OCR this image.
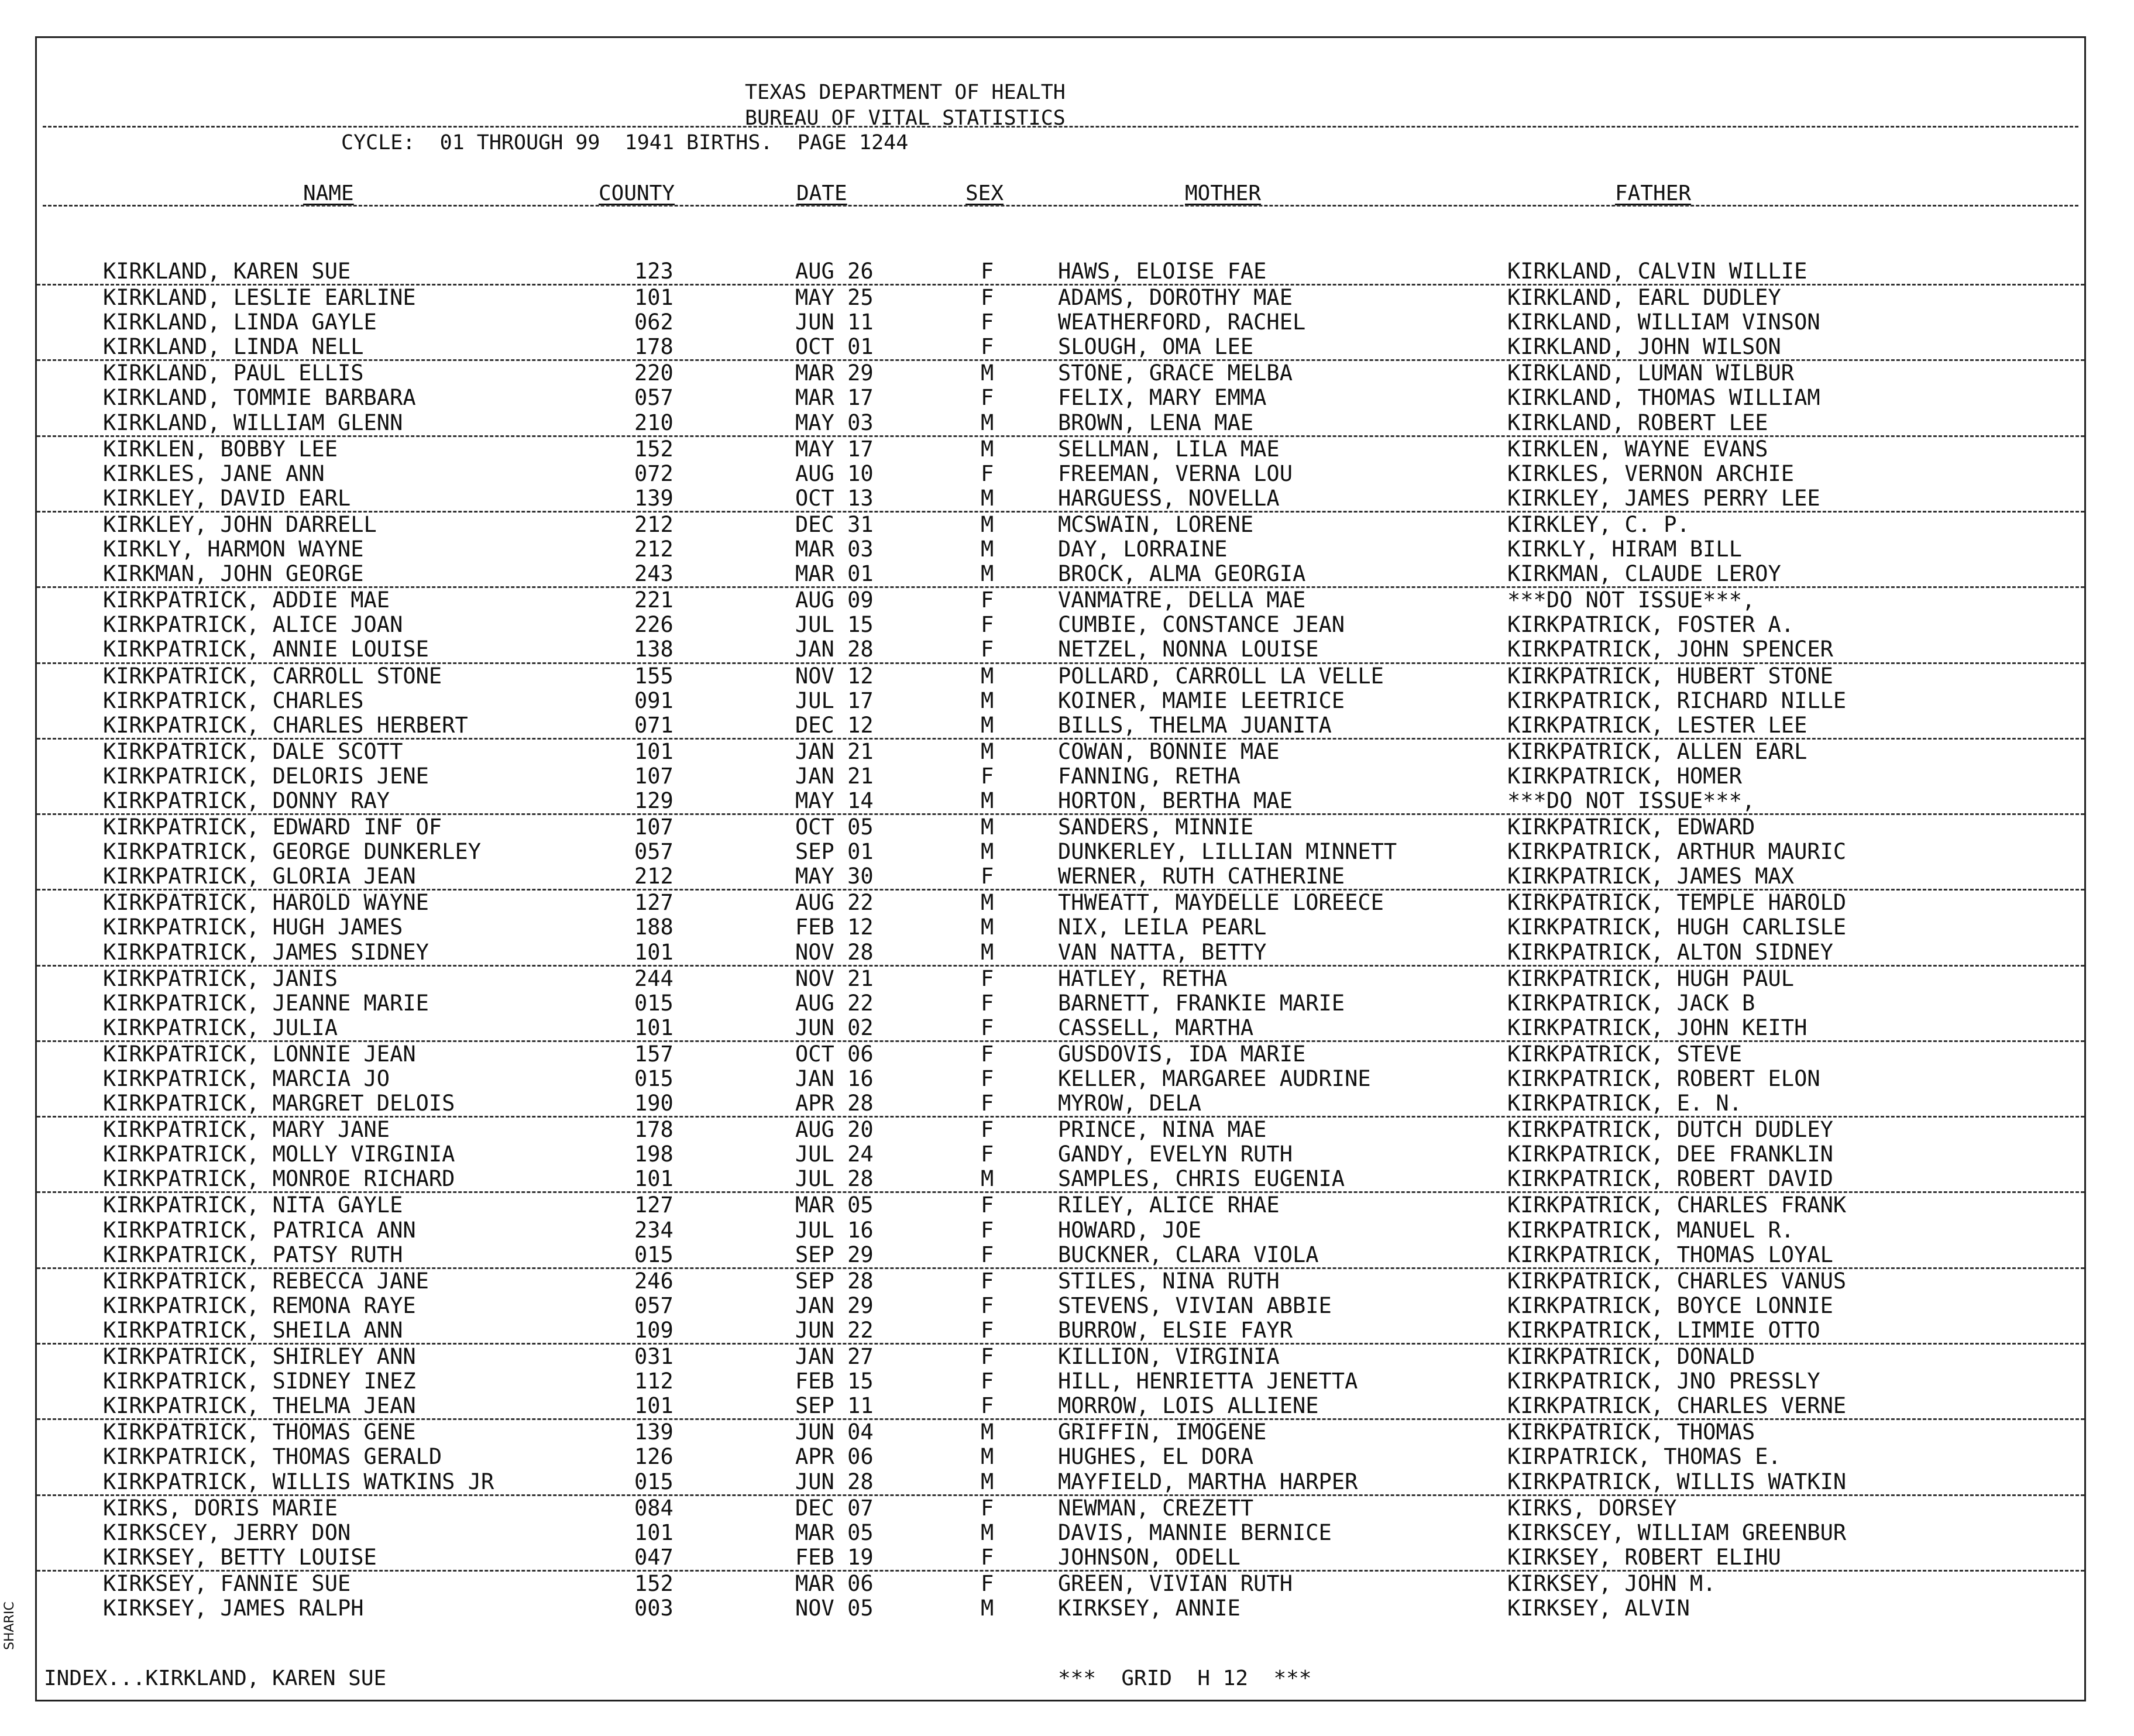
TEXAS DEPARTMENT OF HEALTH
BUREAU OF VITAL STATISTICS
CYCLE:  01 THROUGH 99  1941 BIRTHS.  PAGE 1244
NAME	COUNTY	DATE	SEX	MOTHER	FATHER
KIRKLAND, KAREN SUE	123	AUG 26	F	HAWS, ELOISE FAE	KIRKLAND, CALVIN WILLIE
KIRKLAND, LESLIE EARLINE	101	MAY 25	F	ADAMS, DOROTHY MAE	KIRKLAND, EARL DUDLEY
KIRKLAND, LINDA GAYLE	062	JUN 11	F	WEATHERFORD, RACHEL	KIRKLAND, WILLIAM VINSON
KIRKLAND, LINDA NELL	178	OCT 01	F	SLOUGH, OMA LEE	KIRKLAND, JOHN WILSON
KIRKLAND, PAUL ELLIS	220	MAR 29	M	STONE, GRACE MELBA	KIRKLAND, LUMAN WILBUR
KIRKLAND, TOMMIE BARBARA	057	MAR 17	F	FELIX, MARY EMMA	KIRKLAND, THOMAS WILLIAM
KIRKLAND, WILLIAM GLENN	210	MAY 03	M	BROWN, LENA MAE	KIRKLAND, ROBERT LEE
KIRKLEN, BOBBY LEE	152	MAY 17	M	SELLMAN, LILA MAE	KIRKLEN, WAYNE EVANS
KIRKLES, JANE ANN	072	AUG 10	F	FREEMAN, VERNA LOU	KIRKLES, VERNON ARCHIE
KIRKLEY, DAVID EARL	139	OCT 13	M	HARGUESS, NOVELLA	KIRKLEY, JAMES PERRY LEE
KIRKLEY, JOHN DARRELL	212	DEC 31	M	MCSWAIN, LORENE	KIRKLEY, C. P.
KIRKLY, HARMON WAYNE	212	MAR 03	M	DAY, LORRAINE	KIRKLY, HIRAM BILL
KIRKMAN, JOHN GEORGE	243	MAR 01	M	BROCK, ALMA GEORGIA	KIRKMAN, CLAUDE LEROY
KIRKPATRICK, ADDIE MAE	221	AUG 09	F	VANMATRE, DELLA MAE	***DO NOT ISSUE***,
KIRKPATRICK, ALICE JOAN	226	JUL 15	F	CUMBIE, CONSTANCE JEAN	KIRKPATRICK, FOSTER A.
KIRKPATRICK, ANNIE LOUISE	138	JAN 28	F	NETZEL, NONNA LOUISE	KIRKPATRICK, JOHN SPENCER
KIRKPATRICK, CARROLL STONE	155	NOV 12	M	POLLARD, CARROLL LA VELLE	KIRKPATRICK, HUBERT STONE
KIRKPATRICK, CHARLES	091	JUL 17	M	KOINER, MAMIE LEETRICE	KIRKPATRICK, RICHARD NILLE
KIRKPATRICK, CHARLES HERBERT	071	DEC 12	M	BILLS, THELMA JUANITA	KIRKPATRICK, LESTER LEE
KIRKPATRICK, DALE SCOTT	101	JAN 21	M	COWAN, BONNIE MAE	KIRKPATRICK, ALLEN EARL
KIRKPATRICK, DELORIS JENE	107	JAN 21	F	FANNING, RETHA	KIRKPATRICK, HOMER
KIRKPATRICK, DONNY RAY	129	MAY 14	M	HORTON, BERTHA MAE	***DO NOT ISSUE***,
KIRKPATRICK, EDWARD INF OF	107	OCT 05	M	SANDERS, MINNIE	KIRKPATRICK, EDWARD
KIRKPATRICK, GEORGE DUNKERLEY	057	SEP 01	M	DUNKERLEY, LILLIAN MINNETT	KIRKPATRICK, ARTHUR MAURIC
KIRKPATRICK, GLORIA JEAN	212	MAY 30	F	WERNER, RUTH CATHERINE	KIRKPATRICK, JAMES MAX
KIRKPATRICK, HAROLD WAYNE	127	AUG 22	M	THWEATT, MAYDELLE LOREECE	KIRKPATRICK, TEMPLE HAROLD
KIRKPATRICK, HUGH JAMES	188	FEB 12	M	NIX, LEILA PEARL	KIRKPATRICK, HUGH CARLISLE
KIRKPATRICK, JAMES SIDNEY	101	NOV 28	M	VAN NATTA, BETTY	KIRKPATRICK, ALTON SIDNEY
KIRKPATRICK, JANIS	244	NOV 21	F	HATLEY, RETHA	KIRKPATRICK, HUGH PAUL
KIRKPATRICK, JEANNE MARIE	015	AUG 22	F	BARNETT, FRANKIE MARIE	KIRKPATRICK, JACK B
KIRKPATRICK, JULIA	101	JUN 02	F	CASSELL, MARTHA	KIRKPATRICK, JOHN KEITH
KIRKPATRICK, LONNIE JEAN	157	OCT 06	F	GUSDOVIS, IDA MARIE	KIRKPATRICK, STEVE
KIRKPATRICK, MARCIA JO	015	JAN 16	F	KELLER, MARGAREE AUDRINE	KIRKPATRICK, ROBERT ELON
KIRKPATRICK, MARGRET DELOIS	190	APR 28	F	MYROW, DELA	KIRKPATRICK, E. N.
KIRKPATRICK, MARY JANE	178	AUG 20	F	PRINCE, NINA MAE	KIRKPATRICK, DUTCH DUDLEY
KIRKPATRICK, MOLLY VIRGINIA	198	JUL 24	F	GANDY, EVELYN RUTH	KIRKPATRICK, DEE FRANKLIN
KIRKPATRICK, MONROE RICHARD	101	JUL 28	M	SAMPLES, CHRIS EUGENIA	KIRKPATRICK, ROBERT DAVID
KIRKPATRICK, NITA GAYLE	127	MAR 05	F	RILEY, ALICE RHAE	KIRKPATRICK, CHARLES FRANK
KIRKPATRICK, PATRICA ANN	234	JUL 16	F	HOWARD, JOE	KIRKPATRICK, MANUEL R.
KIRKPATRICK, PATSY RUTH	015	SEP 29	F	BUCKNER, CLARA VIOLA	KIRKPATRICK, THOMAS LOYAL
KIRKPATRICK, REBECCA JANE	246	SEP 28	F	STILES, NINA RUTH	KIRKPATRICK, CHARLES VANUS
KIRKPATRICK, REMONA RAYE	057	JAN 29	F	STEVENS, VIVIAN ABBIE	KIRKPATRICK, BOYCE LONNIE
KIRKPATRICK, SHEILA ANN	109	JUN 22	F	BURROW, ELSIE FAYR	KIRKPATRICK, LIMMIE OTTO
KIRKPATRICK, SHIRLEY ANN	031	JAN 27	F	KILLION, VIRGINIA	KIRKPATRICK, DONALD
KIRKPATRICK, SIDNEY INEZ	112	FEB 15	F	HILL, HENRIETTA JENETTA	KIRKPATRICK, JNO PRESSLY
KIRKPATRICK, THELMA JEAN	101	SEP 11	F	MORROW, LOIS ALLIENE	KIRKPATRICK, CHARLES VERNE
KIRKPATRICK, THOMAS GENE	139	JUN 04	M	GRIFFIN, IMOGENE	KIRKPATRICK, THOMAS
KIRKPATRICK, THOMAS GERALD	126	APR 06	M	HUGHES, EL DORA	KIRPATRICK, THOMAS E.
KIRKPATRICK, WILLIS WATKINS JR	015	JUN 28	M	MAYFIELD, MARTHA HARPER	KIRKPATRICK, WILLIS WATKIN
KIRKS, DORIS MARIE	084	DEC 07	F	NEWMAN, CREZETT	KIRKS, DORSEY
KIRKSCEY, JERRY DON	101	MAR 05	M	DAVIS, MANNIE BERNICE	KIRKSCEY, WILLIAM GREENBUR
KIRKSEY, BETTY LOUISE	047	FEB 19	F	JOHNSON, ODELL	KIRKSEY, ROBERT ELIHU
KIRKSEY, FANNIE SUE	152	MAR 06	F	GREEN, VIVIAN RUTH	KIRKSEY, JOHN M.
KIRKSEY, JAMES RALPH	003	NOV 05	M	KIRKSEY, ANNIE	KIRKSEY, ALVIN
INDEX...KIRKLAND, KAREN SUE	***  GRID  H 12  ***
SHARIC
